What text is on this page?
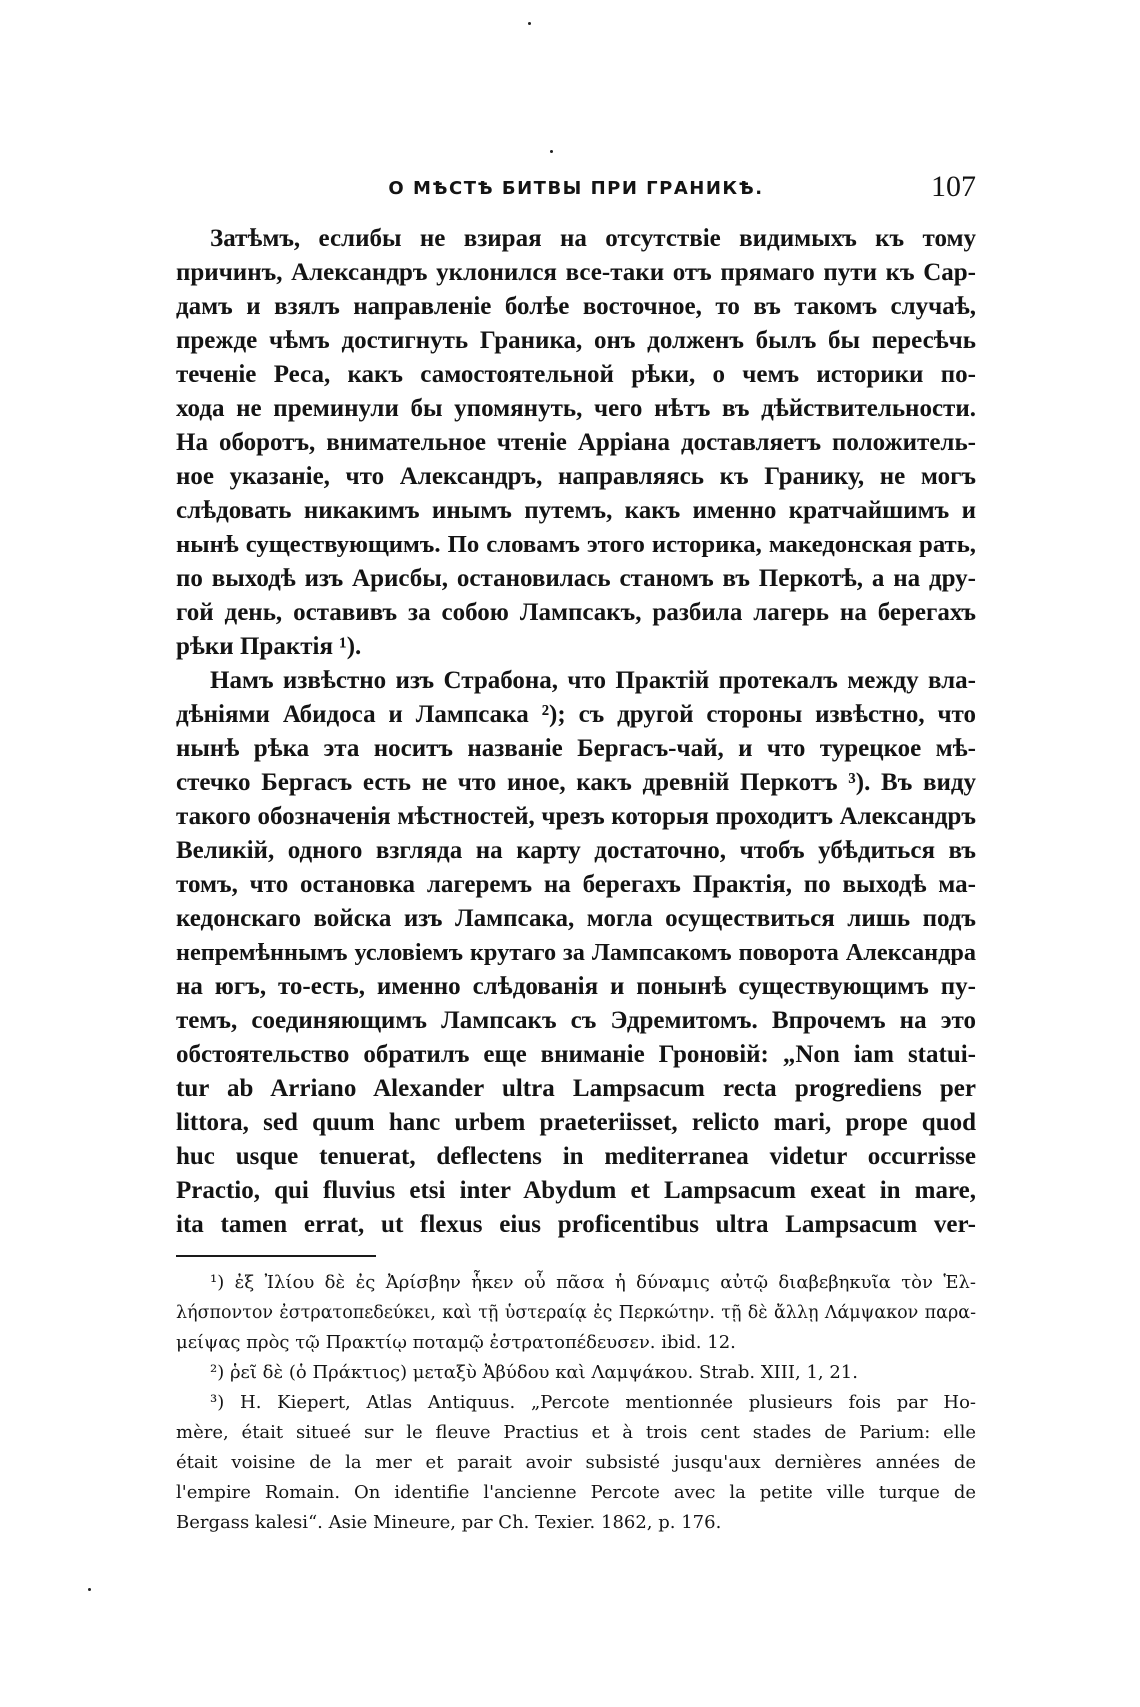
О МѢСТѢ БИТВЫ ПРИ ГРАНИКѢ.	107
Затѣмъ, еслибы не взирая на отсутствіе видимыхъ къ тому
причинъ, Александръ уклонился все-таки отъ прямаго пути къ Сар-
дамъ и взялъ направленіе болѣе восточное, то въ такомъ случаѣ,
прежде чѣмъ достигнуть Граника, онъ долженъ былъ бы пересѣчь
теченіе Реса, какъ самостоятельной рѣки, о чемъ историки по-
хода не преминули бы упомянуть, чего нѣтъ въ дѣйствительности.
На оборотъ, внимательное чтеніе Арріана доставляетъ положитель-
ное указаніе, что Александръ, направляясь къ Гранику, не могъ
слѣдовать никакимъ инымъ путемъ, какъ именно кратчайшимъ и
нынѣ существующимъ. По словамъ этого историка, македонская рать,
по выходѣ изъ Арисбы, остановилась станомъ въ Перкотѣ, а на дру-
гой день, оставивъ за собою Лампсакъ, разбила лагерь на берегахъ
рѣки Практія ¹).
Намъ извѣстно изъ Страбона, что Практій протекалъ между вла-
дѣніями Абидоса и Лампсака ²); съ другой стороны извѣстно, что
нынѣ рѣка эта носитъ названіе Бергасъ-чай, и что турецкое мѣ-
стечко Бергасъ есть не что иное, какъ древній Перкотъ ³). Въ виду
такого обозначенія мѣстностей, чрезъ которыя проходитъ Александръ
Великій, одного взгляда на карту достаточно, чтобъ убѣдиться въ
томъ, что остановка лагеремъ на берегахъ Практія, по выходѣ ма-
кедонскаго войска изъ Лампсака, могла осуществиться лишь подъ
непремѣннымъ условіемъ крутаго за Лампсакомъ поворота Александра
на югъ, то-есть, именно слѣдованія и понынѣ существующимъ пу-
темъ, соединяющимъ Лампсакъ съ Эдремитомъ. Впрочемъ на это
обстоятельство обратилъ еще вниманіе Гроновій: „Non iam statui-
tur ab Arriano Alexander ultra Lampsacum recta progrediens per
littora, sed quum hanc urbem praeteriisset, relicto mari, prope quod
huc usque tenuerat, deflectens in mediterranea videtur occurrisse
Practio, qui fluvius etsi inter Abydum et Lampsacum exeat in mare,
ita tamen errat, ut flexus eius proficentibus ultra Lampsacum ver-
¹) ἐξ Ἰλίου δὲ ἐς Ἀρίσβην ἧκεν οὗ πᾶσα ἡ δύναμις αὐτῷ διαβεβηκυῖα τὸν Ἑλ-
λήσποντον ἐστρατοπεδεύκει, καὶ τῇ ὑστεραίᾳ ἐς Περκώτην. τῇ δὲ ἄλλῃ Λάμψακον παρα-
μείψας πρὸς τῷ Πρακτίῳ ποταμῷ ἐστρατοπέδευσεν. ibid. 12.
²) ῥεῖ δὲ (ὁ Πράκτιος) μεταξὺ Ἀβύδου καὶ Λαμψάκου. Strab. XIII, 1, 21.
³) H. Kiepert, Atlas Antiquus. „Percote mentionnée plusieurs fois par Ho-
mère, était situeé sur le fleuve Practius et à trois cent stades de Parium: elle
était voisine de la mer et parait avoir subsisté jusqu'aux dernières années de
l'empire Romain. On identifie l'ancienne Percote avec la petite ville turque de
Bergass kalesi“. Asie Mineure, par Ch. Texier. 1862, p. 176.
